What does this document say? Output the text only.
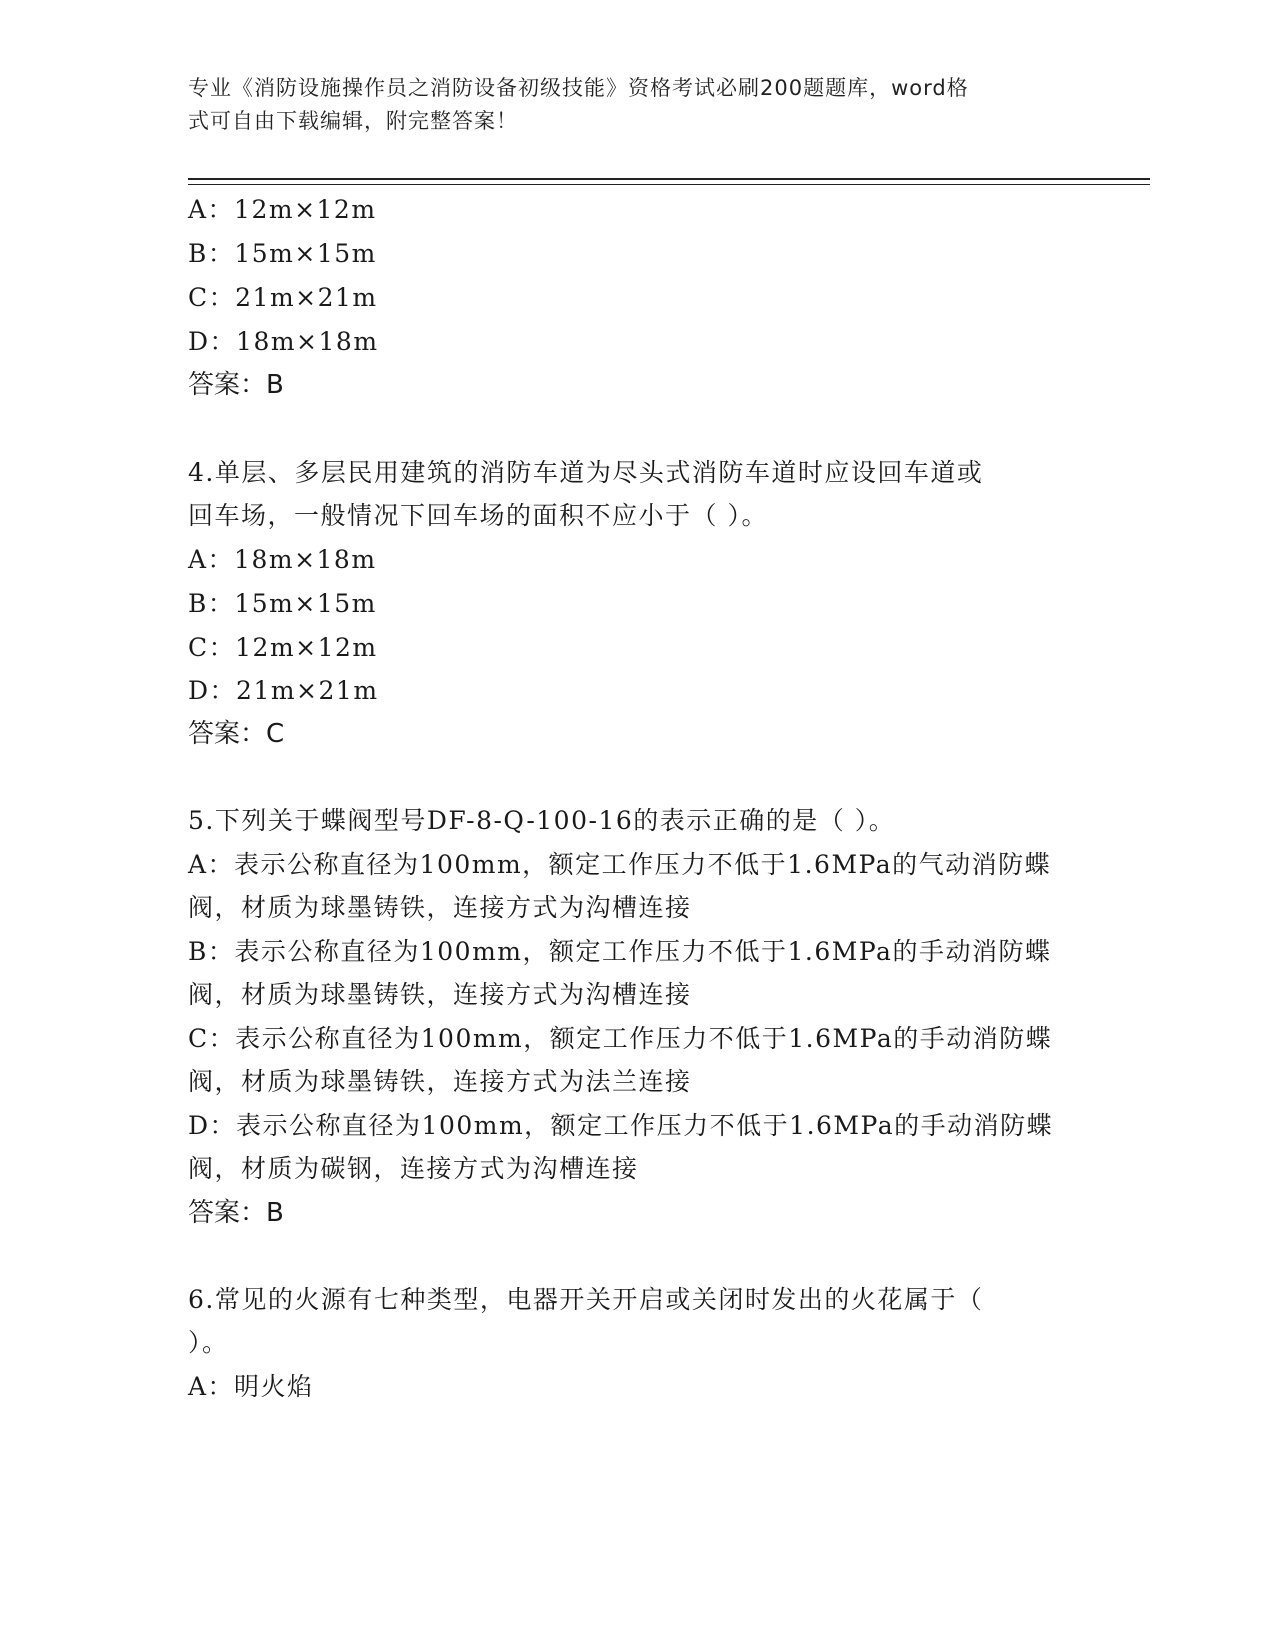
专业《消防设施操作员之消防设备初级技能》资格考试必刷200题题库，word格
式可自由下载编辑，附完整答案！
A：12m×12m
B：15m×15m
C：21m×21m
D：18m×18m
答案：B
4.单层、多层民用建筑的消防车道为尽头式消防车道时应设回车道或
回车场，一般情况下回车场的面积不应小于（ ）。
A：18m×18m
B：15m×15m
C：12m×12m
D：21m×21m
答案：C
5.下列关于蝶阀型号DF-8-Q-100-16的表示正确的是（ ）。
A：表示公称直径为100mm，额定工作压力不低于1.6MPa的气动消防蝶
阀，材质为球墨铸铁，连接方式为沟槽连接
B：表示公称直径为100mm，额定工作压力不低于1.6MPa的手动消防蝶
阀，材质为球墨铸铁，连接方式为沟槽连接
C：表示公称直径为100mm，额定工作压力不低于1.6MPa的手动消防蝶
阀，材质为球墨铸铁，连接方式为法兰连接
D：表示公称直径为100mm，额定工作压力不低于1.6MPa的手动消防蝶
阀，材质为碳钢，连接方式为沟槽连接
答案：B
6.常见的火源有七种类型，电器开关开启或关闭时发出的火花属于（
）。
A：明火焰
